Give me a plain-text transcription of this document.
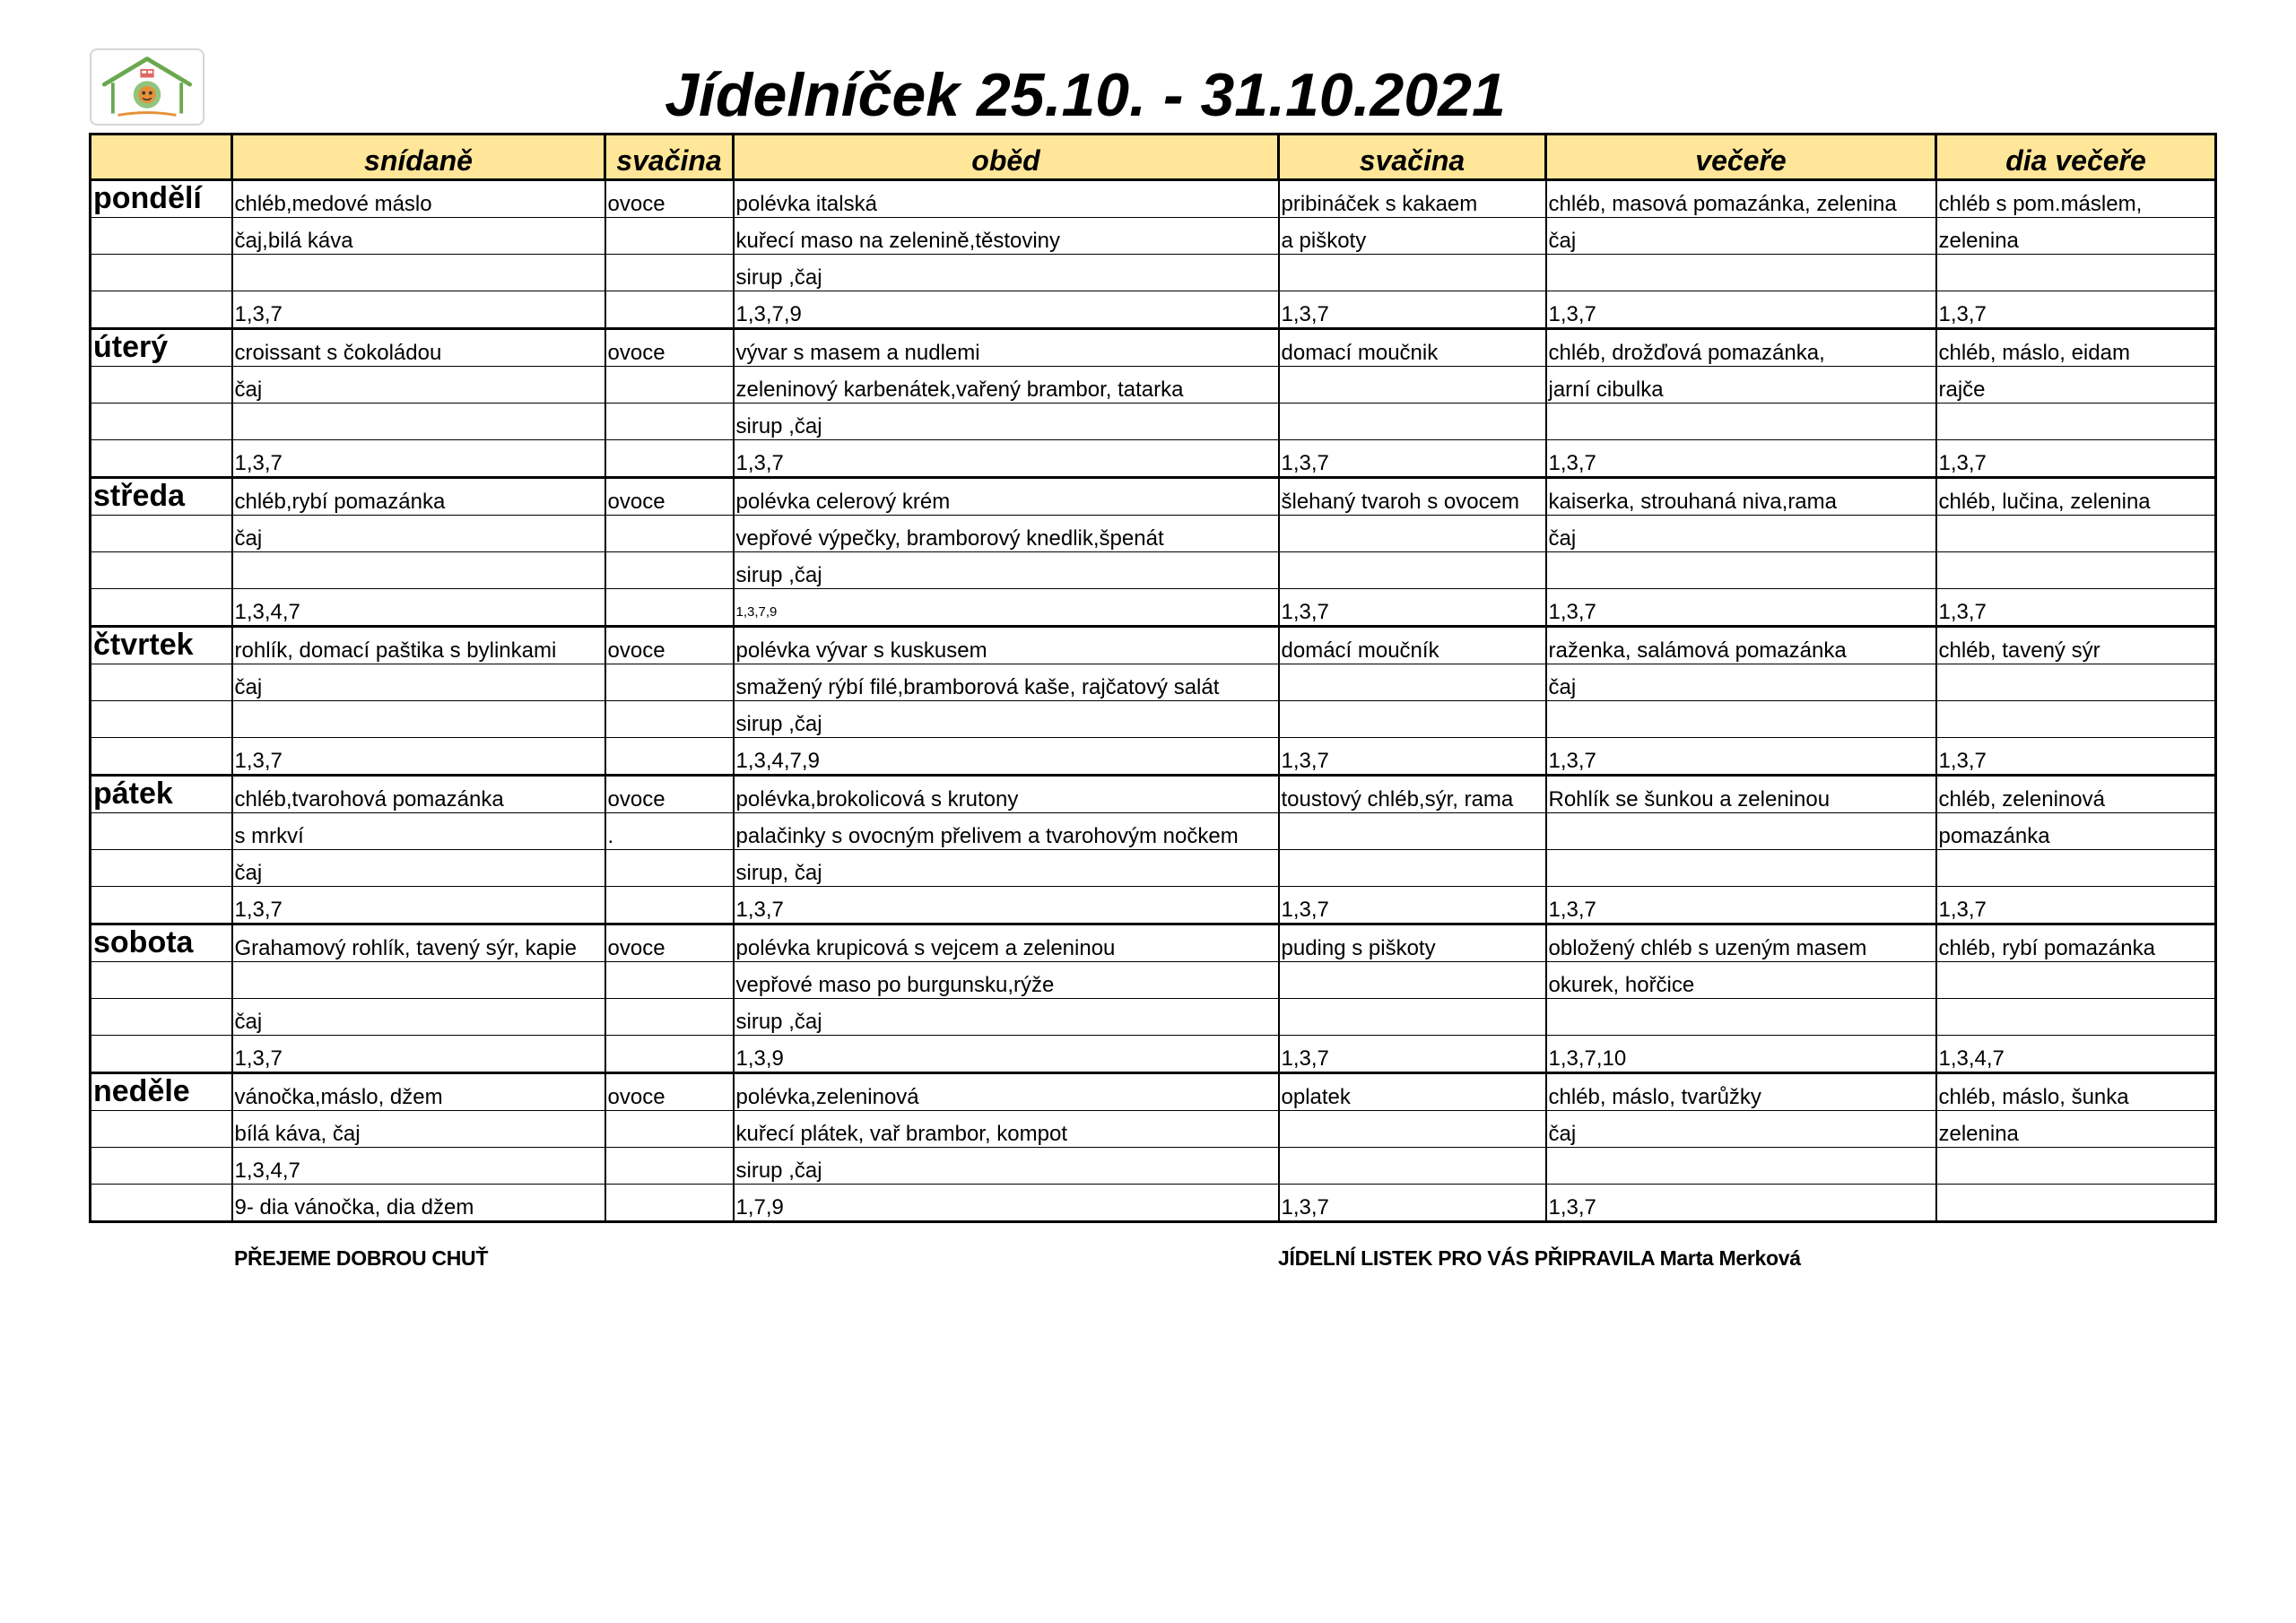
Jídelníček 25.10. - 31.10.2021
	snídaně	svačina	oběd	svačina	večeře	dia večeře
pondělí	chléb,medové máslo	ovoce	polévka italská	pribináček s kakaem	chléb, masová pomazánka, zelenina	chléb s pom.máslem,
	čaj,bilá káva		kuřecí maso na zelenině,těstoviny	a piškoty	čaj	zelenina
			sirup ,čaj			
	1,3,7		1,3,7,9	1,3,7	1,3,7	1,3,7
úterý	croissant s čokoládou	ovoce	vývar s masem a nudlemi	domací moučnik	chléb, drožďová pomazánka,	chléb, máslo, eidam
	čaj		zeleninový karbenátek,vařený brambor, tatarka		jarní cibulka	rajče
			sirup ,čaj			
	1,3,7		1,3,7	1,3,7	1,3,7	1,3,7
středa	chléb,rybí pomazánka	ovoce	polévka celerový krém	šlehaný tvaroh s ovocem	kaiserka, strouhaná niva,rama	chléb, lučina, zelenina
	čaj		vepřové výpečky, bramborový knedlik,špenát		čaj	
			sirup ,čaj			
	1,3,4,7		1,3,7,9	1,3,7	1,3,7	1,3,7
čtvrtek	rohlík, domací paštika s bylinkami	ovoce	polévka vývar s kuskusem	domácí moučník	raženka, salámová pomazánka	chléb, tavený sýr
	čaj		smažený rýbí filé,bramborová kaše, rajčatový salát		čaj	
			sirup ,čaj			
	1,3,7		1,3,4,7,9	1,3,7	1,3,7	1,3,7
pátek	chléb,tvarohová pomazánka	ovoce	polévka,brokolicová s krutony	toustový chléb,sýr, rama	Rohlík se šunkou a zeleninou	chléb, zeleninová
	s mrkví	.	palačinky s ovocným přelivem a tvarohovým nočkem			pomazánka
	čaj		sirup, čaj			
	1,3,7		1,3,7	1,3,7	1,3,7	1,3,7
sobota	Grahamový rohlík, tavený sýr, kapie	ovoce	polévka krupicová s vejcem a zeleninou	puding s piškoty	obložený chléb s uzeným masem	chléb, rybí pomazánka
			vepřové maso po burgunsku,rýže		okurek, hořčice	
	čaj		sirup ,čaj			
	1,3,7		1,3,9	1,3,7	1,3,7,10	1,3,4,7
neděle	vánočka,máslo, džem	ovoce	polévka,zeleninová	oplatek	chléb, máslo, tvarůžky	chléb, máslo, šunka
	bílá káva, čaj		kuřecí plátek, vař brambor, kompot		čaj	zelenina
	1,3,4,7		sirup ,čaj			
	9- dia vánočka, dia džem		1,7,9	1,3,7	1,3,7	
PŘEJEME DOBROU CHUŤ	JÍDELNÍ LISTEK PRO VÁS PŘIPRAVILA Marta Merková
